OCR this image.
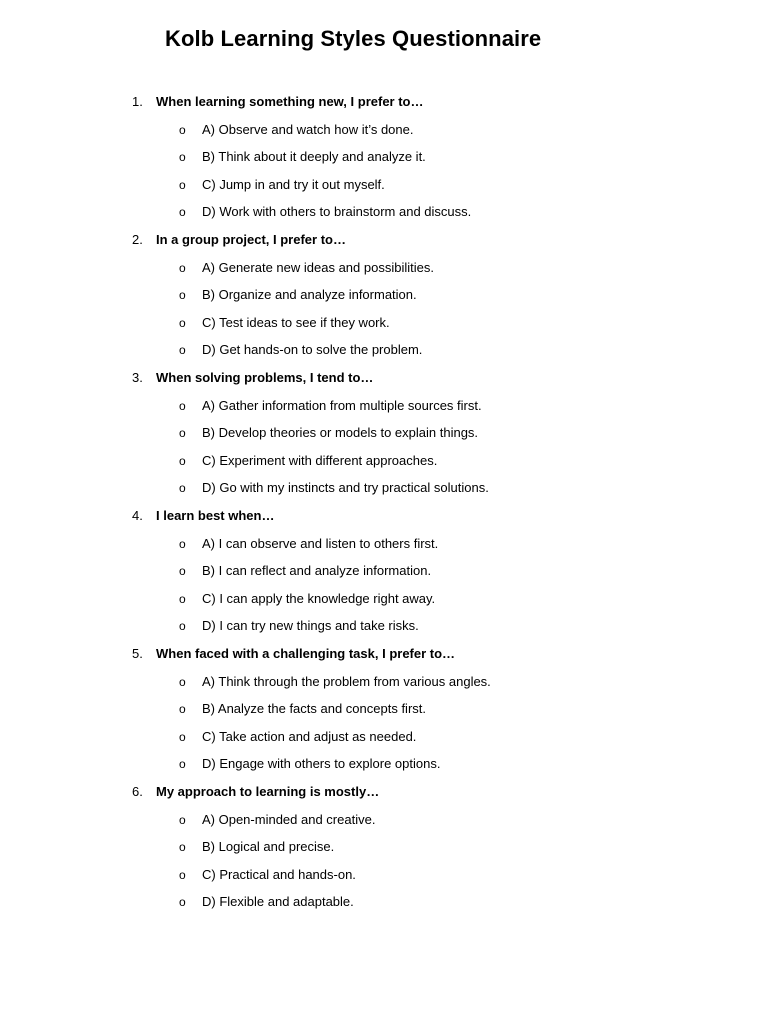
Kolb Learning Styles Questionnaire
1. When learning something new, I prefer to…
o A) Observe and watch how it’s done.
o B) Think about it deeply and analyze it.
o C) Jump in and try it out myself.
o D) Work with others to brainstorm and discuss.
2. In a group project, I prefer to…
o A) Generate new ideas and possibilities.
o B) Organize and analyze information.
o C) Test ideas to see if they work.
o D) Get hands-on to solve the problem.
3. When solving problems, I tend to…
o A) Gather information from multiple sources first.
o B) Develop theories or models to explain things.
o C) Experiment with different approaches.
o D) Go with my instincts and try practical solutions.
4. I learn best when…
o A) I can observe and listen to others first.
o B) I can reflect and analyze information.
o C) I can apply the knowledge right away.
o D) I can try new things and take risks.
5. When faced with a challenging task, I prefer to…
o A) Think through the problem from various angles.
o B) Analyze the facts and concepts first.
o C) Take action and adjust as needed.
o D) Engage with others to explore options.
6. My approach to learning is mostly…
o A) Open-minded and creative.
o B) Logical and precise.
o C) Practical and hands-on.
o D) Flexible and adaptable.
